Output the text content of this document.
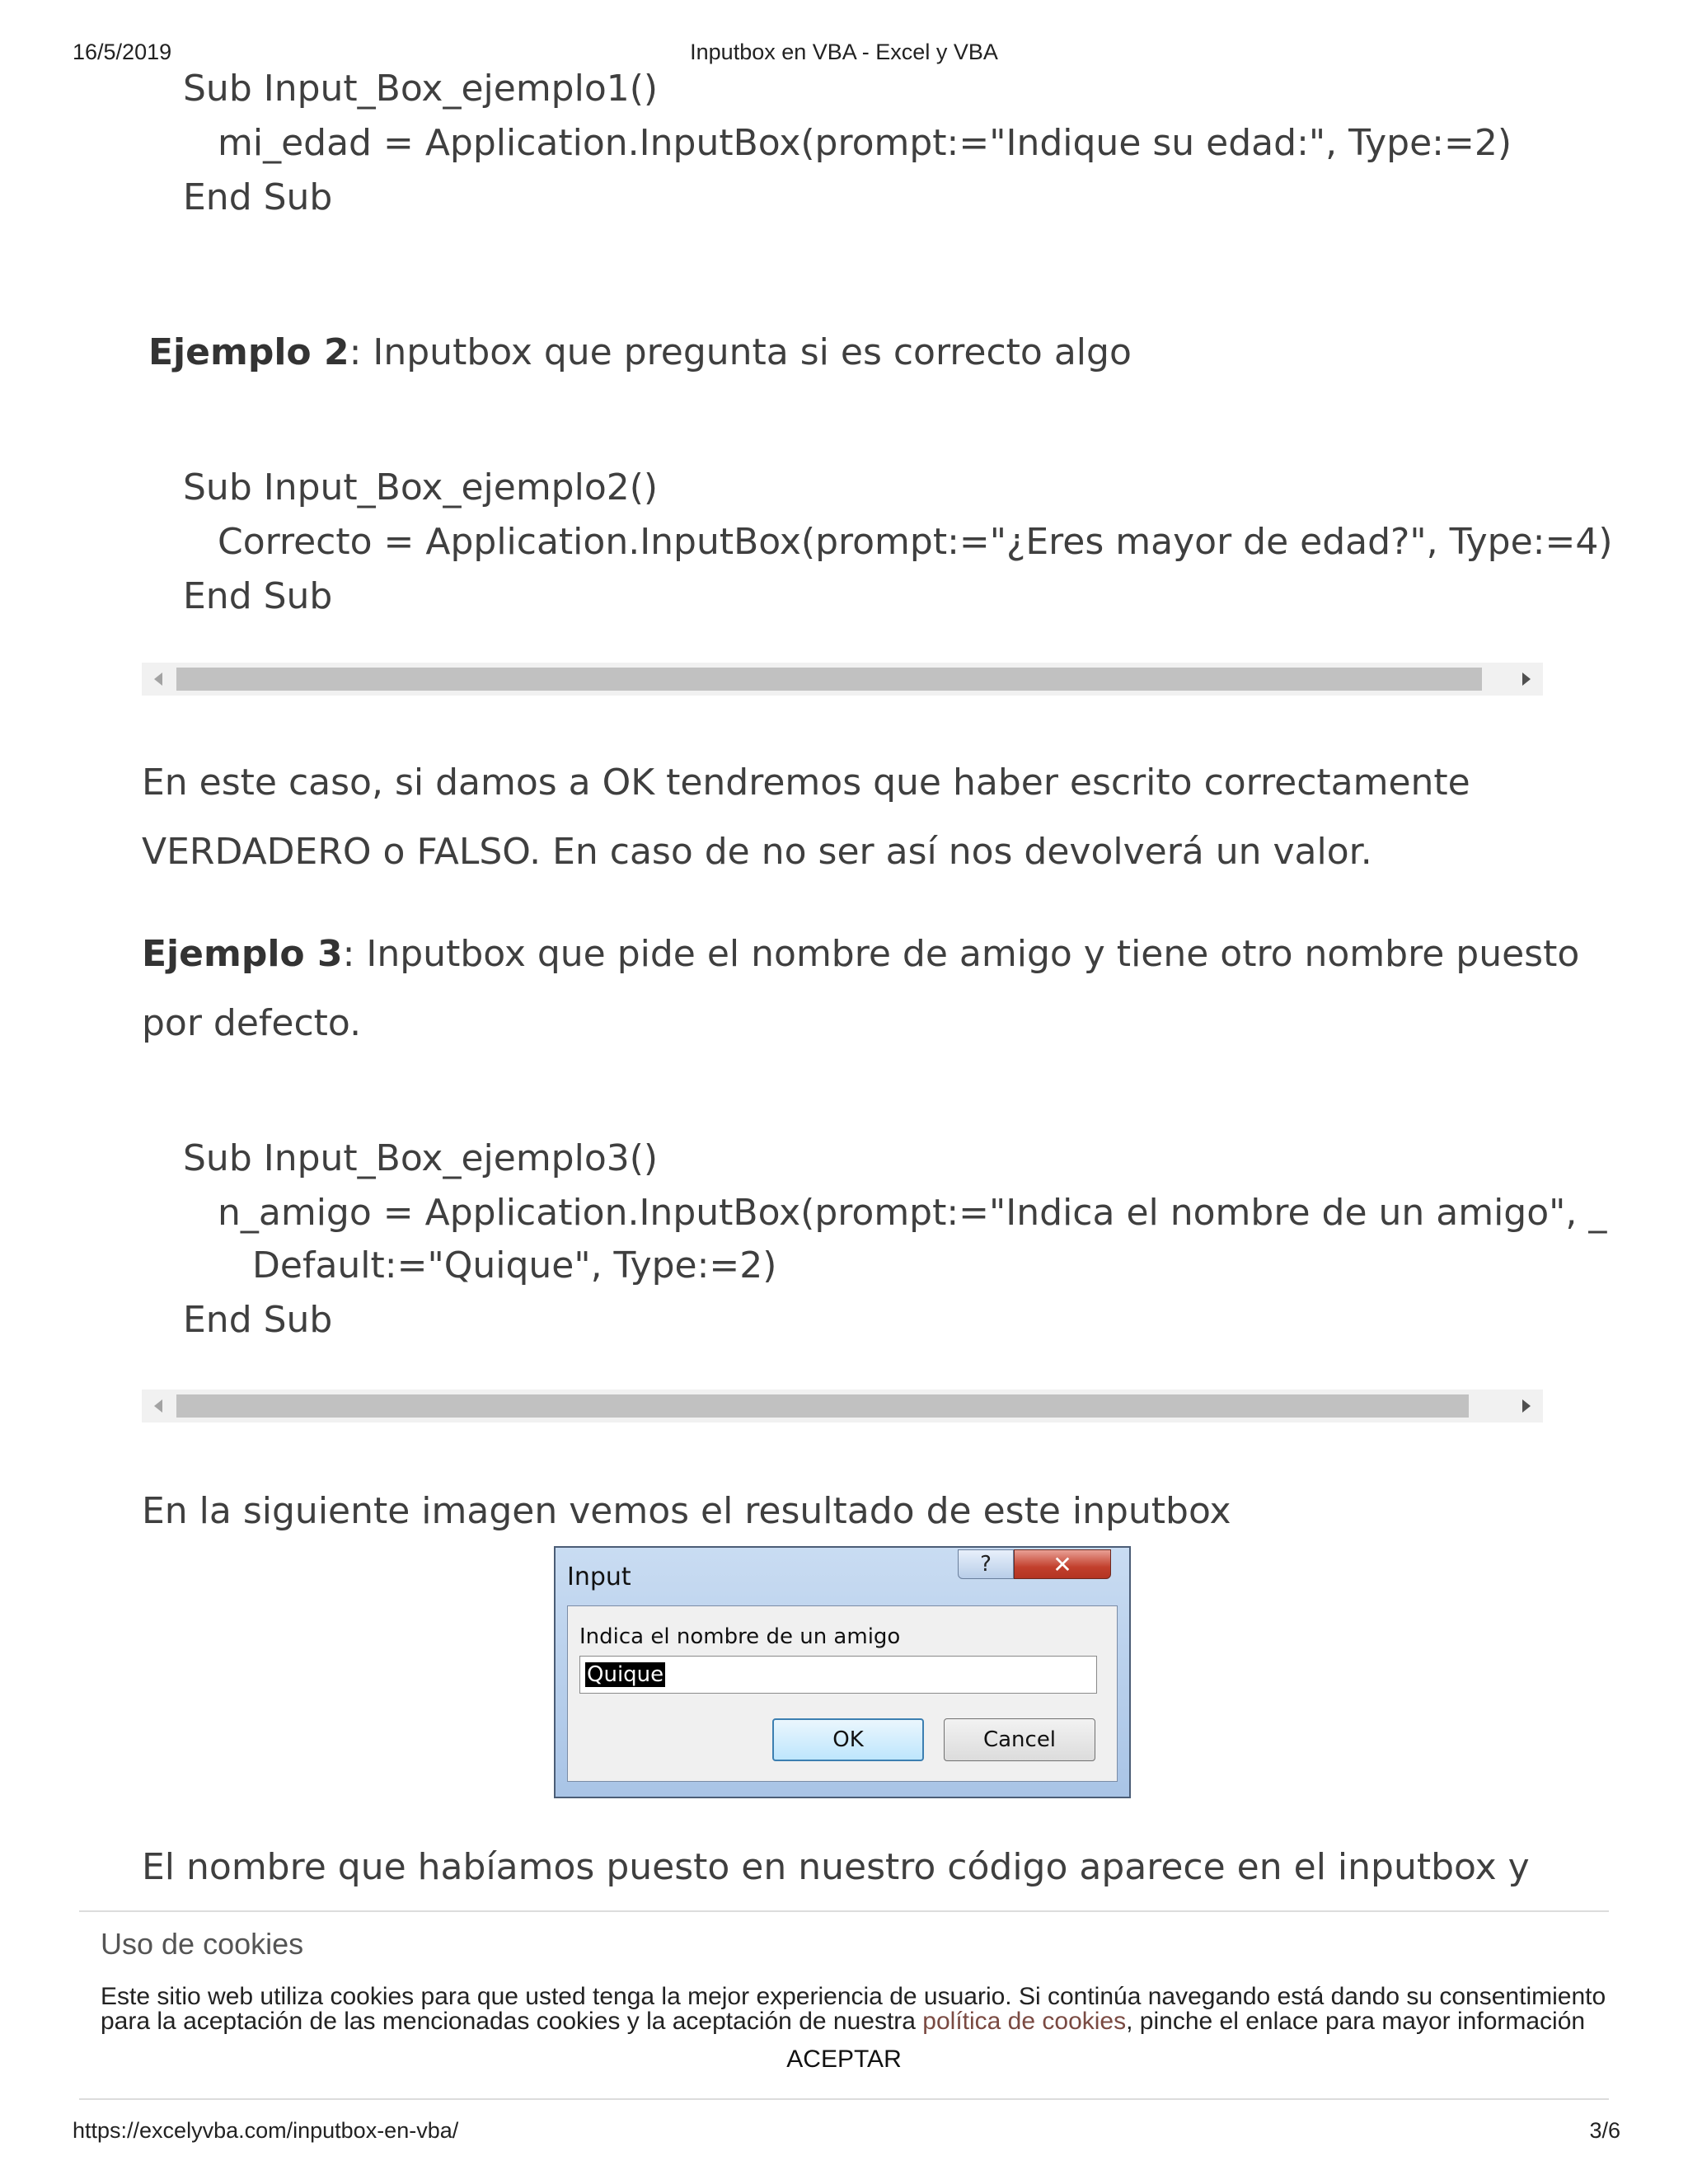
16/5/2019	Inputbox en VBA - Excel y VBA
Sub Input_Box_ejemplo1()
mi_edad = Application.InputBox(prompt:="Indique su edad:", Type:=2)
End Sub
Ejemplo 2: Inputbox que pregunta si es correcto algo
Sub Input_Box_ejemplo2()
Correcto = Application.InputBox(prompt:="¿Eres mayor de edad?", Type:=4)
End Sub
En este caso, si damos a OK tendremos que haber escrito correctamente
VERDADERO o FALSO. En caso de no ser así nos devolverá un valor.
Ejemplo 3: Inputbox que pide el nombre de amigo y tiene otro nombre puesto
por defecto.
Sub Input_Box_ejemplo3()
n_amigo = Application.InputBox(prompt:="Indica el nombre de un amigo", _
Default:="Quique", Type:=2)
End Sub
En la siguiente imagen vemos el resultado de este inputbox
Input	?	✕
Indica el nombre de un amigo
Quique
OK	Cancel
El nombre que habíamos puesto en nuestro código aparece en el inputbox y
Uso de cookies
Este sitio web utiliza cookies para que usted tenga la mejor experiencia de usuario. Si continúa navegando está dando su consentimiento
para la aceptación de las mencionadas cookies y la aceptación de nuestra política de cookies, pinche el enlace para mayor información
ACEPTAR
https://excelyvba.com/inputbox-en-vba/	3/6
